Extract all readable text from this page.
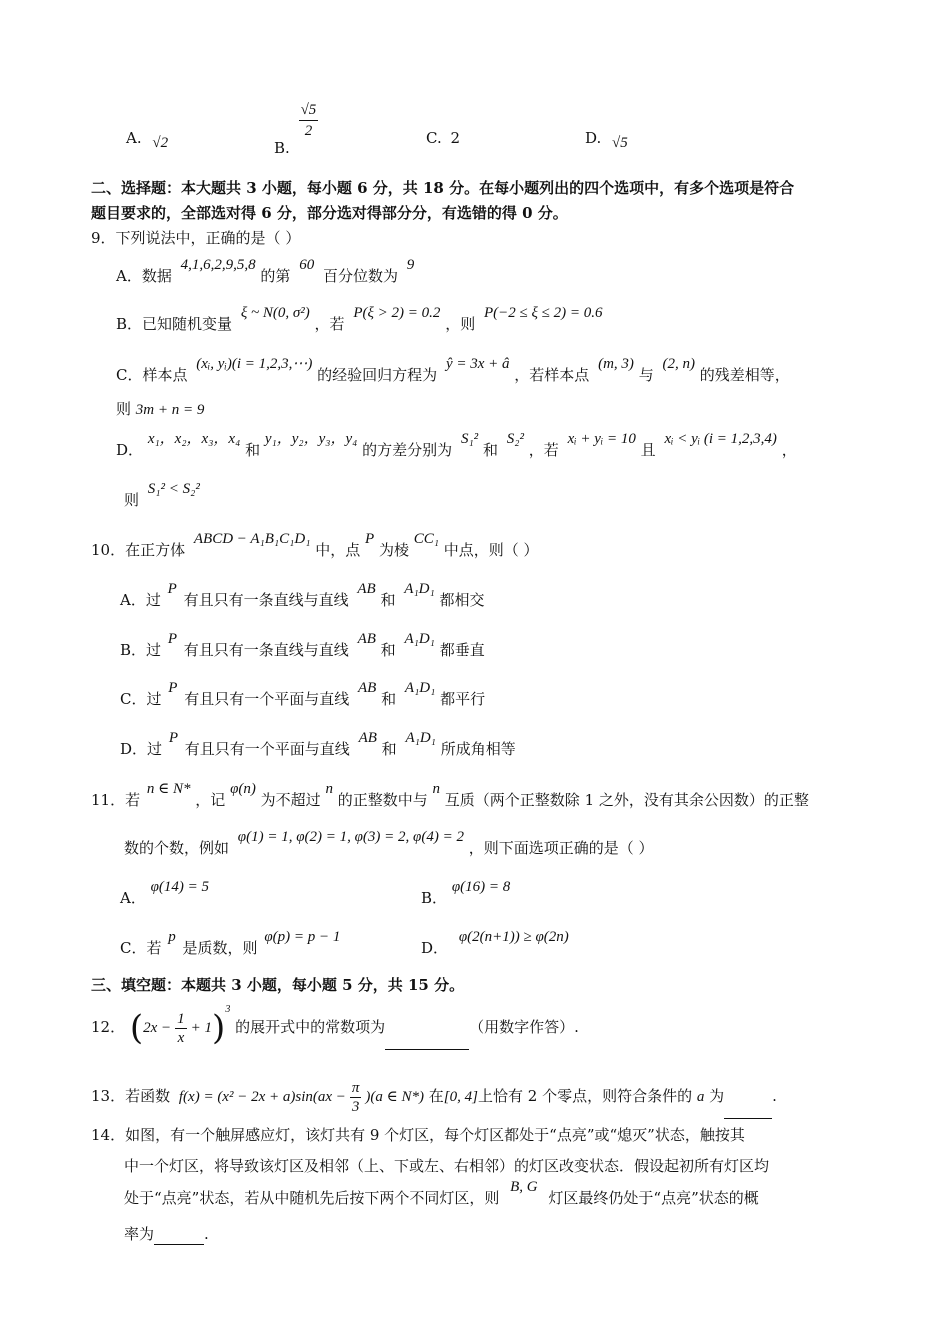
A. √2	B.
$\frac{√5}{2}$	C. 2	D. √5
二、选择题：本大题共 3 小题，每小题 6 分，共 18 分。在每小题列出的四个选项中，有多个选项是符合
题目要求的，全部选对得 6 分，部分选对得部分分，有选错的得 0 分。
9．下列说法中，正确的是（ ）
A．数据 4,1,6,2,9,5,8 的第 60 百分位数为 9
B．已知随机变量 ξ ~ N(0, σ²) ，若 P(ξ > 2) = 0.2 ，则 P(−2 ≤ ξ ≤ 2) = 0.6
C．样本点 (xᵢ, yᵢ)(i = 1,2,3,⋯) 的经验回归方程为 ŷ = 3x + â ，若样本点 (m, 3) 与 (2, n) 的残差相等，
则 3m + n = 9
D． x₁，x₂，x₃，x₄ 和 y₁，y₂，y₃，y₄ 的方差分别为 S₁² 和 S₂² ，若 xᵢ + yᵢ = 10 且 xᵢ < yᵢ (i = 1,2,3,4) ，
则 S₁² < S₂²
10．在正方体 ABCD − A₁B₁C₁D₁ 中，点 P 为棱 CC₁ 中点，则（ ）
A．过 P 有且只有一条直线与直线 AB 和 A₁D₁ 都相交
B．过 P 有且只有一条直线与直线 AB 和 A₁D₁ 都垂直
C．过 P 有且只有一个平面与直线 AB 和 A₁D₁ 都平行
D．过 P 有且只有一个平面与直线 AB 和 A₁D₁ 所成角相等
11．若 n ∈ N* ，记 φ(n) 为不超过 n 的正整数中与 n 互质（两个正整数除 1 之外，没有其余公因数）的正整
数的个数，例如 φ(1) = 1, φ(2) = 1, φ(3) = 2, φ(4) = 2 ，则下面选项正确的是（ ）
A． φ(14) = 5
B． φ(16) = 8
C．若 p 是质数，则 φ(p) = p − 1
D． φ(2(n+1)) ≥ φ(2n)
三、填空题：本题共 3 小题，每小题 5 分，共 15 分。
12． $(2x - \frac{1}{x} + 1)^3$ 的展开式中的常数项为	（用数字作答）.
13．若函数 $f(x) = (x^2 - 2x + a)\sin(ax - \frac{\pi}{3} )(a$ ∈ N*) 在[0, 4]上恰有 2 个零点，则符合条件的 a 为	.
14．如图，有一个触屏感应灯，该灯共有 9 个灯区，每个灯区都处于“点亮”或“熄灭”状态，触按其
中一个灯区，将导致该灯区及相邻（上、下或左、右相邻）的灯区改变状态．假设起初所有灯区均
处于“点亮”状态，若从中随机先后按下两个不同灯区，则 B, G 灯区最终仍处于“点亮”状态的概
率为	.
